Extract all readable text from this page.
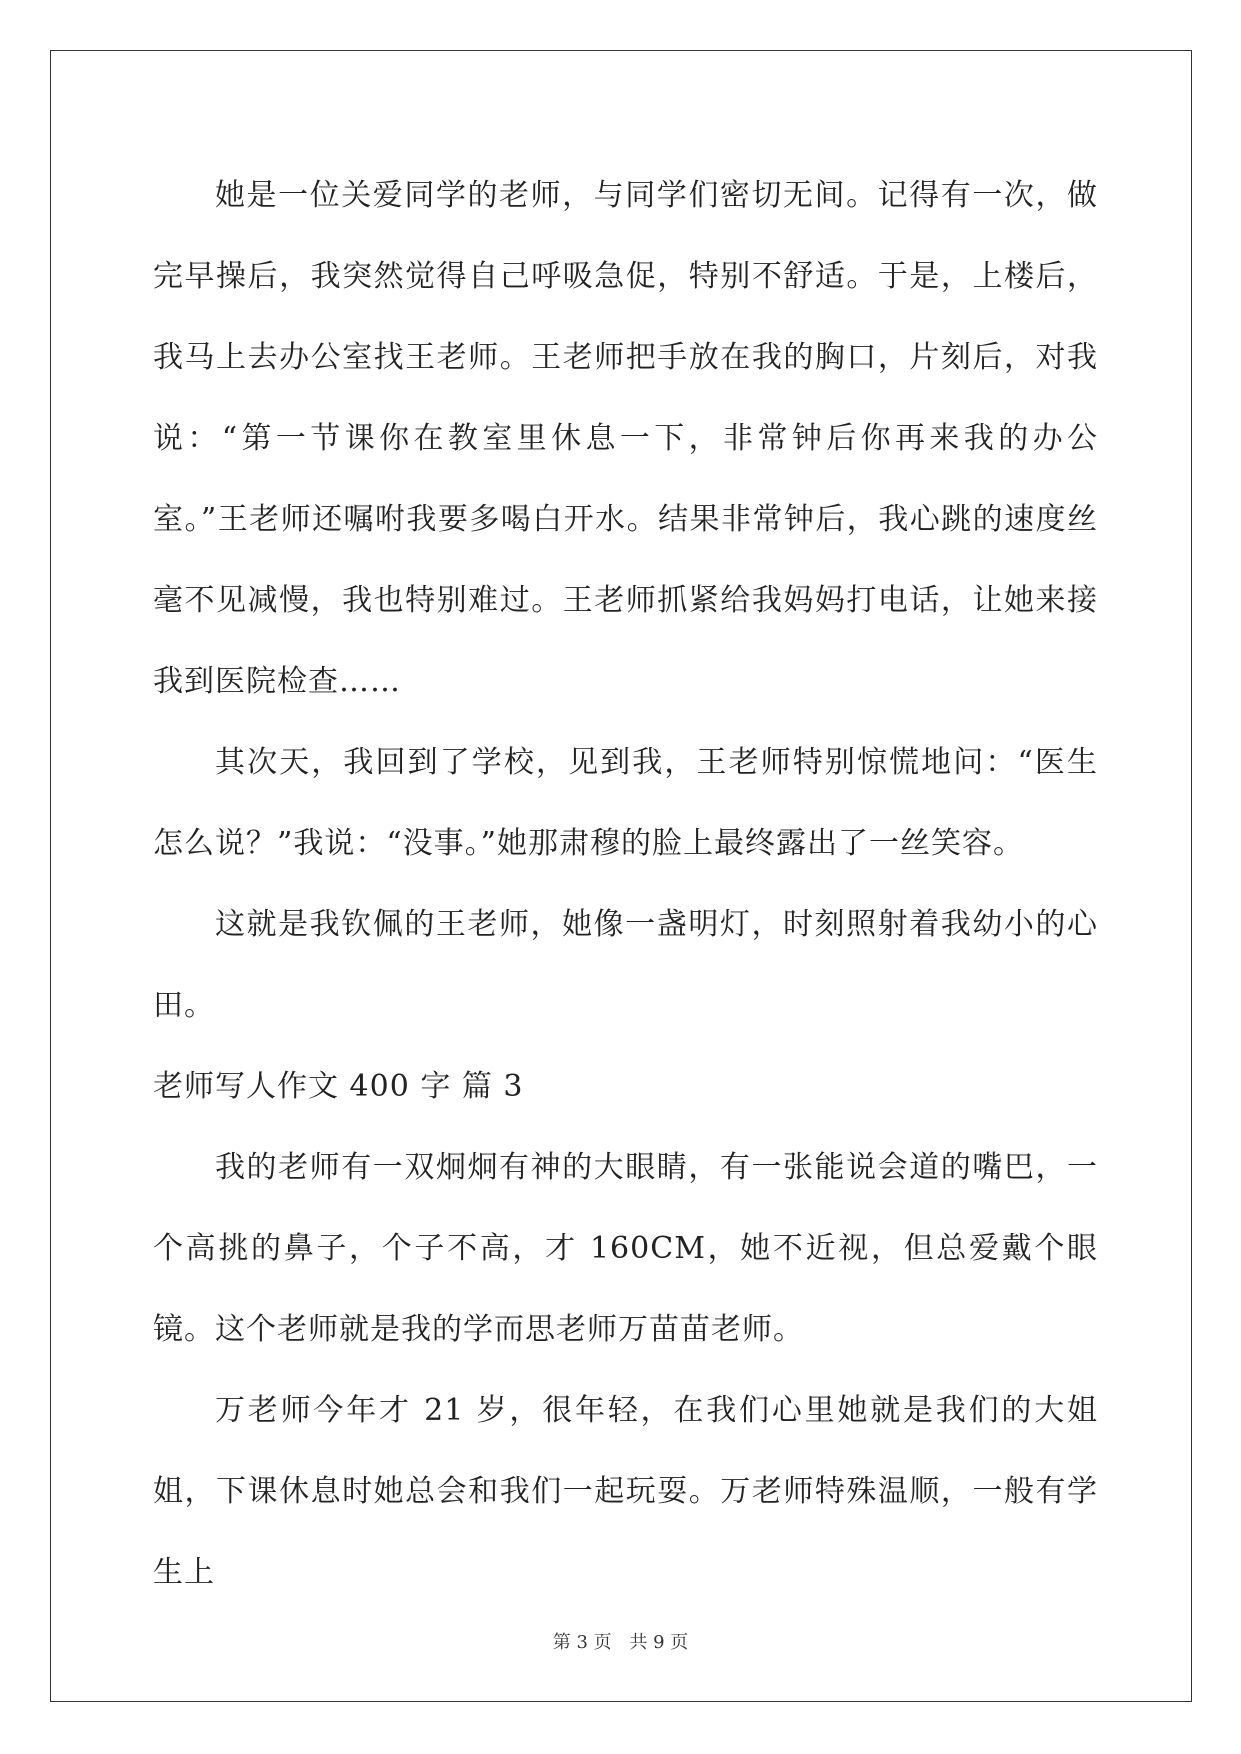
她是一位关爱同学的老师，与同学们密切无间。记得有一次，做完早操后，我突然觉得自己呼吸急促，特别不舒适。于是，上楼后，我马上去办公室找王老师。王老师把手放在我的胸口，片刻后，对我说：“第一节课你在教室里休息一下，非常钟后你再来我的办公室。”王老师还嘱咐我要多喝白开水。结果非常钟后，我心跳的速度丝毫不见减慢，我也特别难过。王老师抓紧给我妈妈打电话，让她来接我到医院检查……

其次天，我回到了学校，见到我，王老师特别惊慌地问：“医生怎么说？”我说：“没事。”她那肃穆的脸上最终露出了一丝笑容。

这就是我钦佩的王老师，她像一盏明灯，时刻照射着我幼小的心田。

老师写人作文 400 字 篇 3

我的老师有一双炯炯有神的大眼睛，有一张能说会道的嘴巴，一个高挑的鼻子，个子不高，才 160CM，她不近视，但总爱戴个眼镜。这个老师就是我的学而思老师万苗苗老师。

万老师今年才 21 岁，很年轻，在我们心里她就是我们的大姐姐，下课休息时她总会和我们一起玩耍。万老师特殊温顺，一般有学生上

第 3 页 共 9 页
